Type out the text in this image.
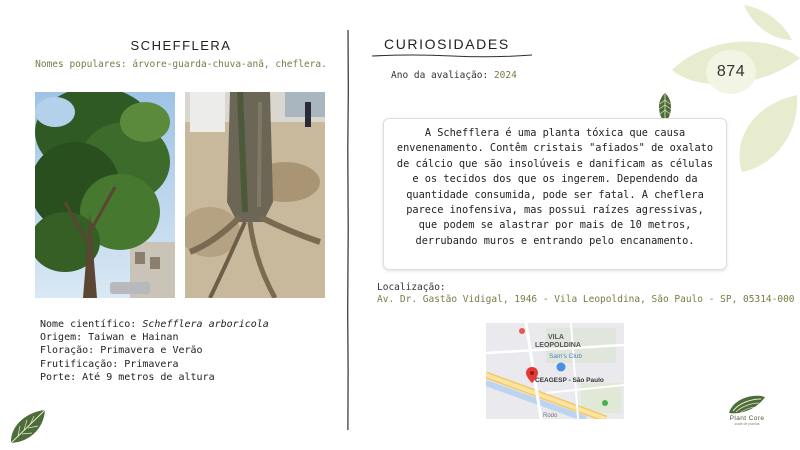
SCHEFFLERA
Nomes populares: árvore-guarda-chuva-anã, cheflera.
Nome científico: Schefflera arboricola
Origem: Taiwan e Hainan
Floração: Primavera e Verão
Frutificação: Primavera
Porte: Até 9 metros de altura
CURIOSIDADES
Ano da avaliação: 2024	874
A Schefflera é uma planta tóxica que causa envenenamento. Contêm cristais "afiados" de oxalato de cálcio que são insolúveis e danificam as células e os tecidos dos que os ingerem. Dependendo da quantidade consumida, pode ser fatal. A cheflera parece inofensiva, mas possui raízes agressivas, que podem se alastrar por mais de 10 metros, derrubando muros e entrando pelo encanamento.
Localização:
Av. Dr. Gastão Vidigal, 1946 - Vila Leopoldina, São Paulo - SP, 05314-000
VILA
LEOPOLDINA
Sam's Club
CEAGESP - São Paulo
Rodo	Plant Core
scale de plantas
